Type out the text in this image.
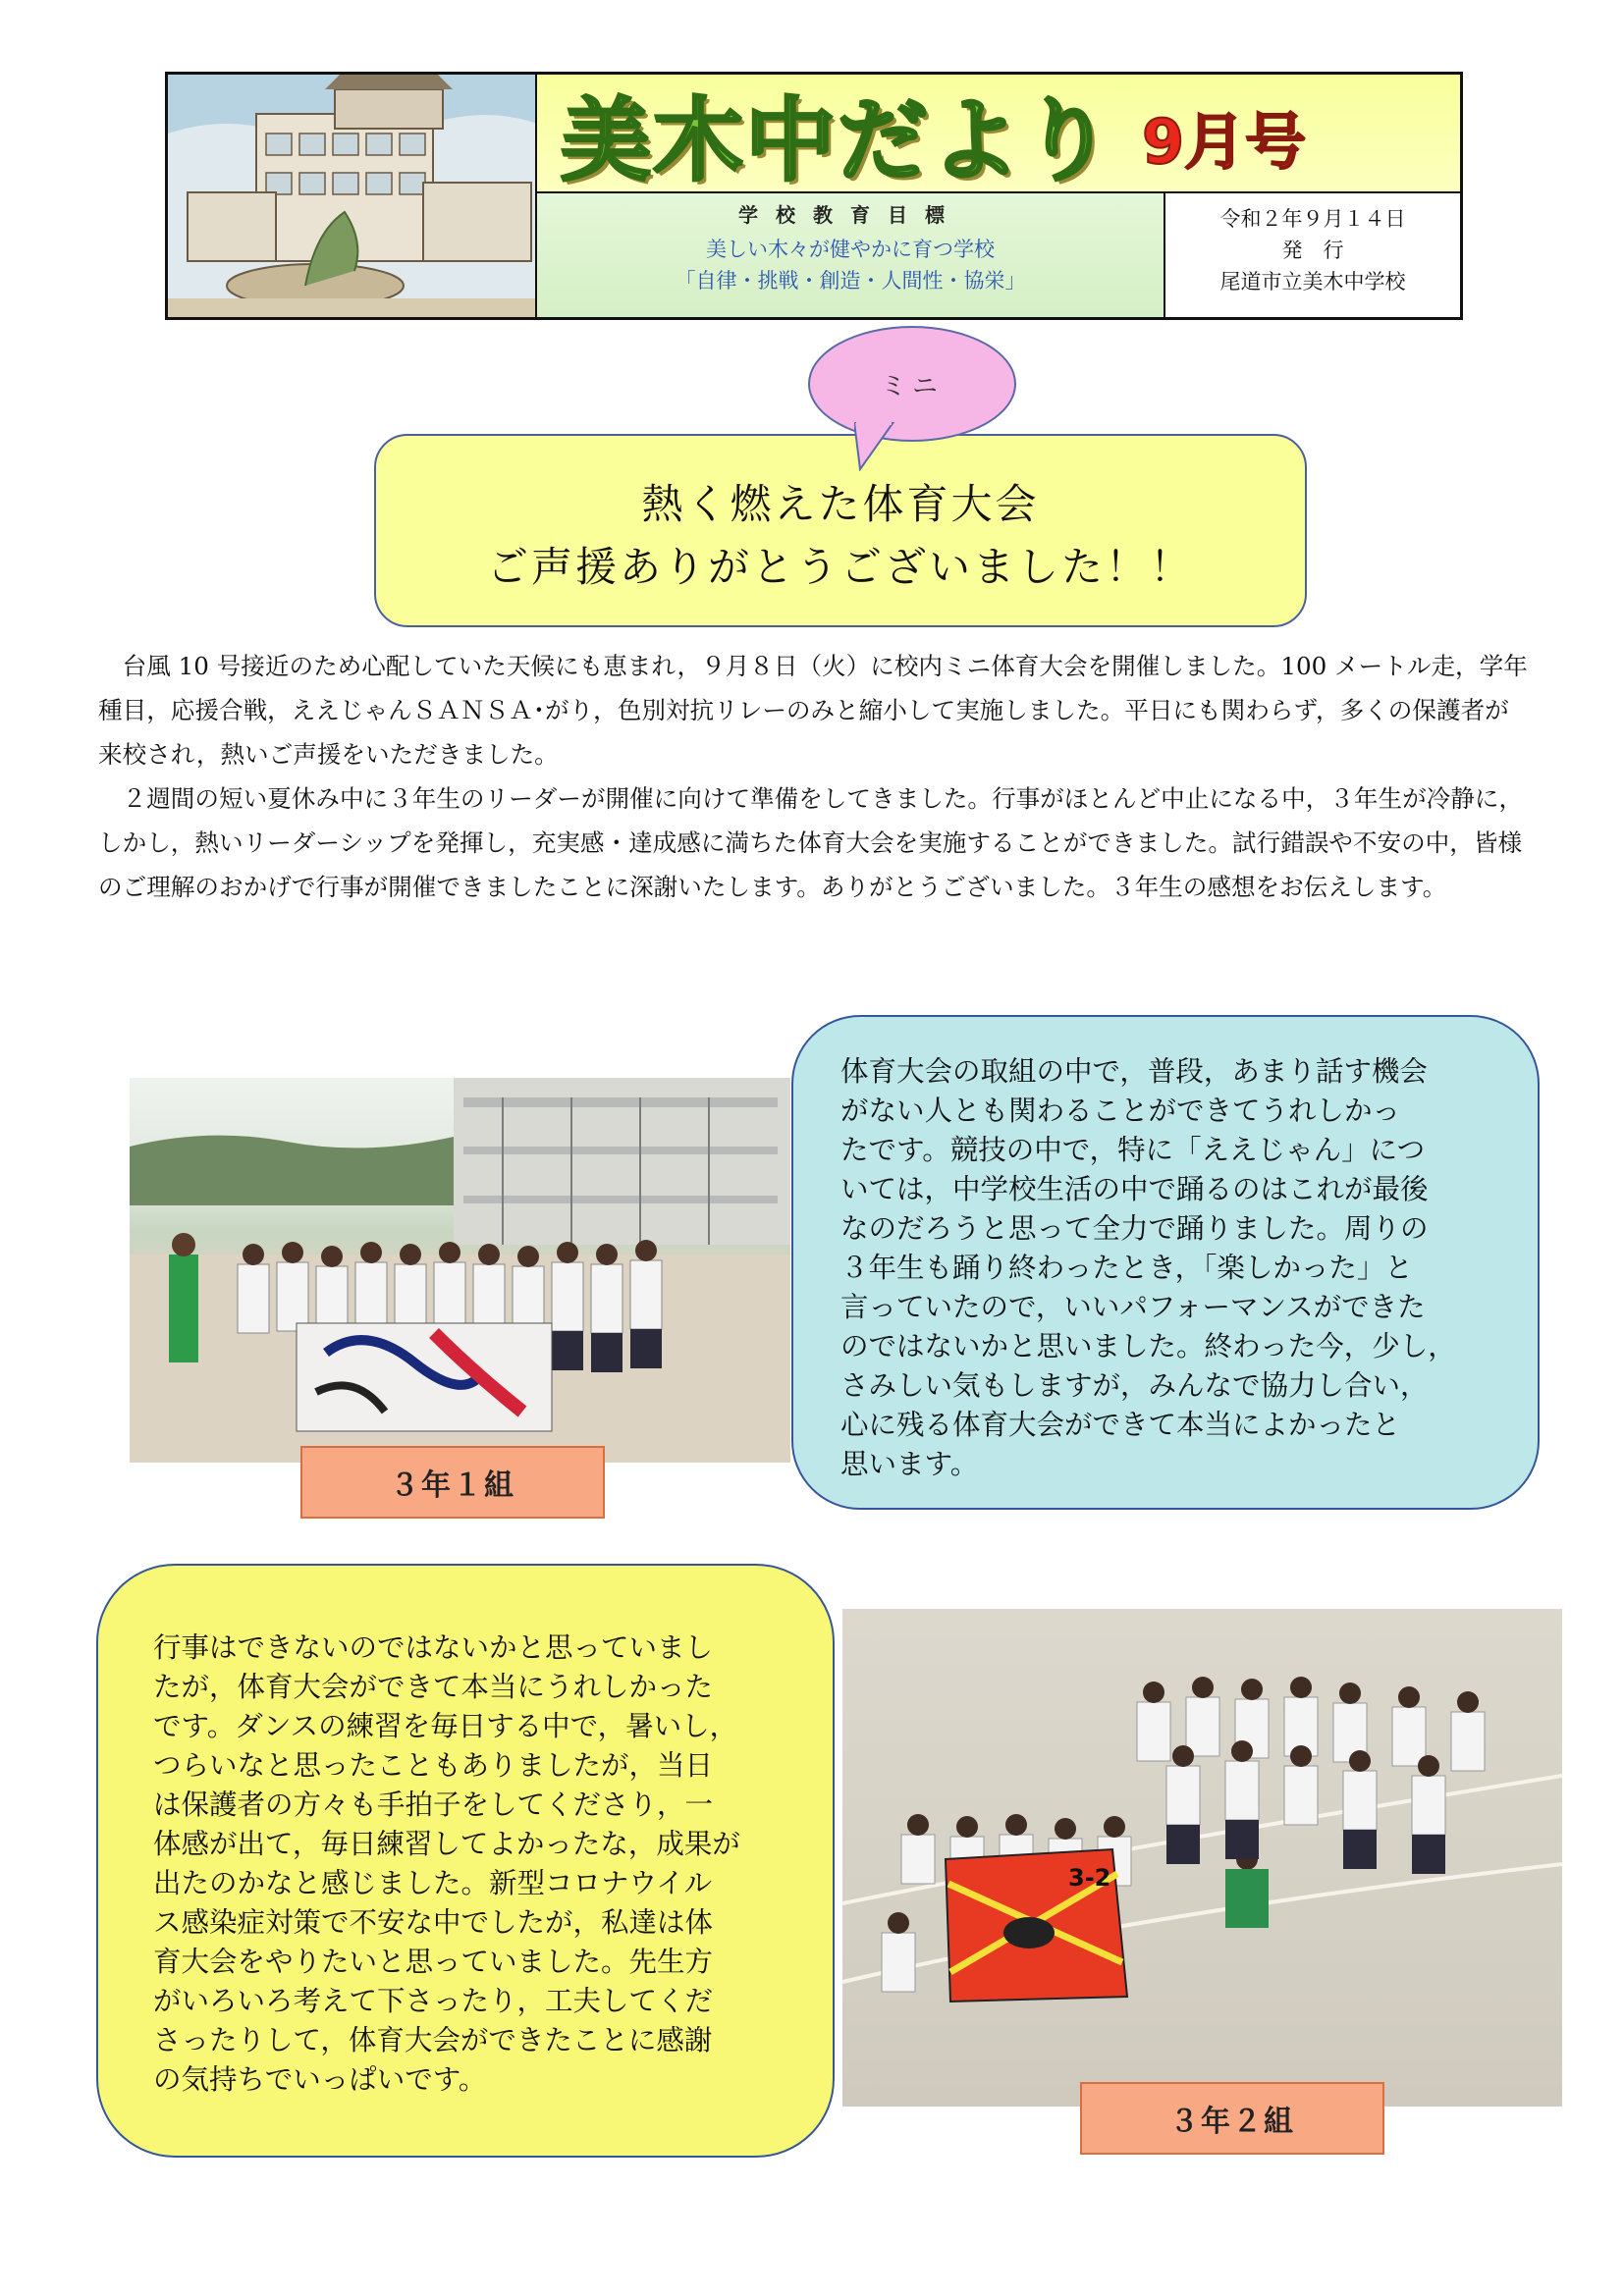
美木中だより 9月号
学校教育目標
美しい木々が健やかに育つ学校
「自律・挑戦・創造・人間性・協栄」
令和２年９月１４日
発　行
尾道市立美木中学校
ミニ
熱く燃えた体育大会
ご声援ありがとうございました！！

台風 10 号接近のため心配していた天候にも恵まれ，９月８日（火）に校内ミニ体育大会を開催しました。100 メートル走，学年種目，応援合戦，ええじゃんＳＡＮＳＡ･がり，色別対抗リレーのみと縮小して実施しました。平日にも関わらず，多くの保護者が来校され，熱いご声援をいただきました。

２週間の短い夏休み中に３年生のリーダーが開催に向けて準備をしてきました。行事がほとんど中止になる中，３年生が冷静に，しかし，熱いリーダーシップを発揮し，充実感・達成感に満ちた体育大会を実施することができました。試行錯誤や不安の中，皆様のご理解のおかげで行事が開催できましたことに深謝いたします。ありがとうございました。３年生の感想をお伝えします。

３年１組
体育大会の取組の中で，普段，あまり話す機会
がない人とも関わることができてうれしかっ
たです。競技の中で，特に「ええじゃん」につ
いては，中学校生活の中で踊るのはこれが最後
なのだろうと思って全力で踊りました。周りの
３年生も踊り終わったとき，「楽しかった」と
言っていたので，いいパフォーマンスができた
のではないかと思いました。終わった今，少し，
さみしい気もしますが，みんなで協力し合い，
心に残る体育大会ができて本当によかったと
思います。
行事はできないのではないかと思っていまし
たが，体育大会ができて本当にうれしかった
です。ダンスの練習を毎日する中で，暑いし，
つらいなと思ったこともありましたが，当日
は保護者の方々も手拍子をしてくださり，一
体感が出て，毎日練習してよかったな，成果が
出たのかなと感じました。新型コロナウイル
ス感染症対策で不安な中でしたが，私達は体
育大会をやりたいと思っていました。先生方
がいろいろ考えて下さったり，工夫してくだ
さったりして，体育大会ができたことに感謝
の気持ちでいっぱいです。
3-2
３年２組
